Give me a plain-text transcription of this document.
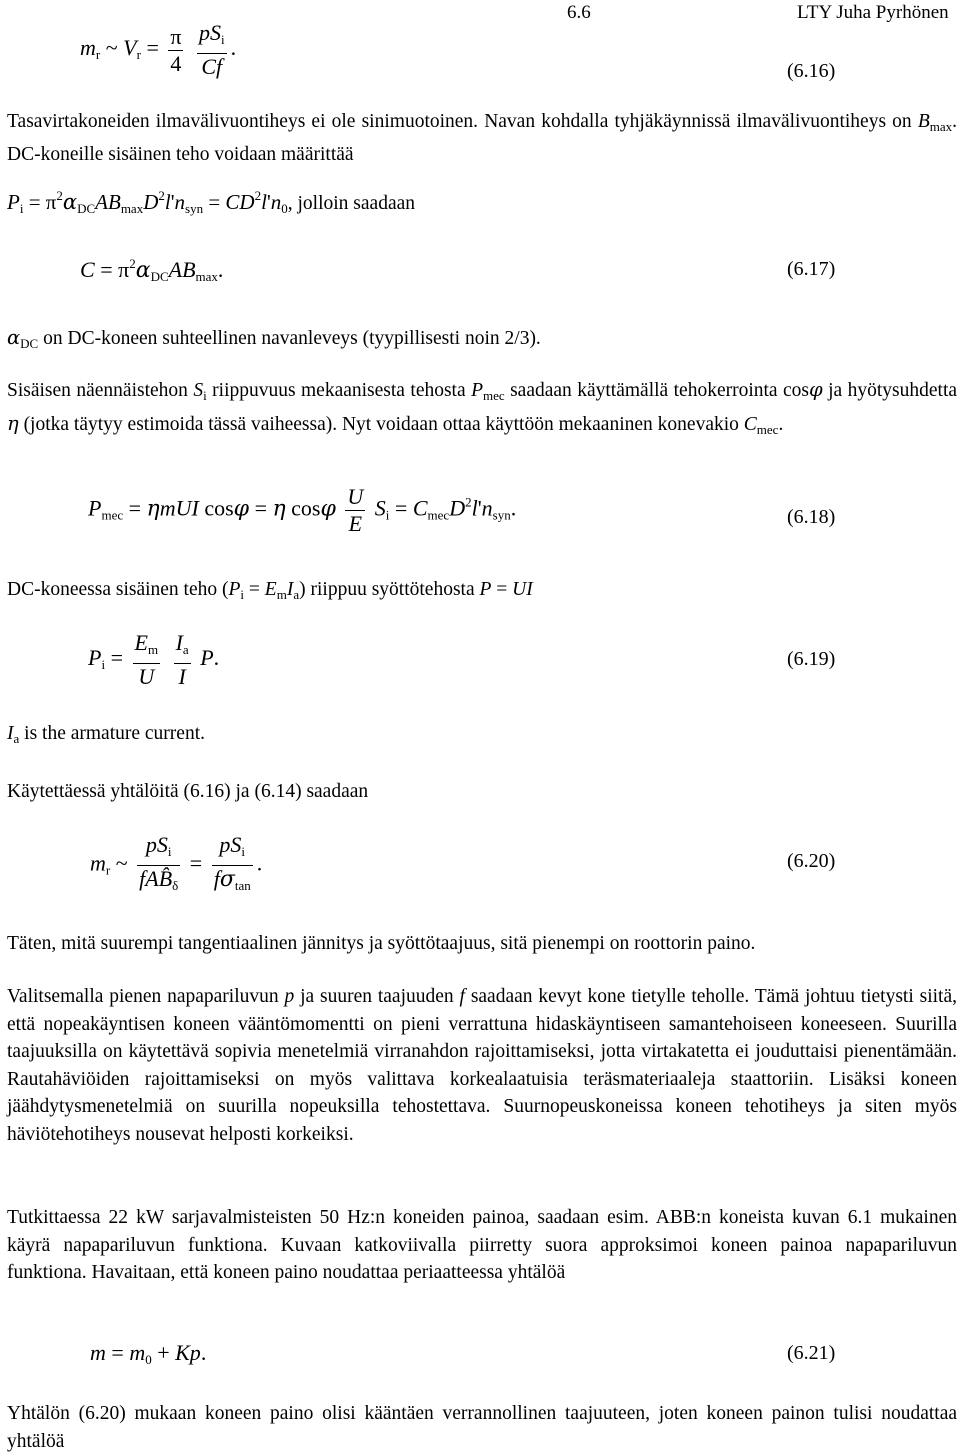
6.6	LTY Juha Pyrhönen
$m_r$ ~ $V_r = \frac{\pi}{4}$
$\frac{pS_i}{Cf}$ .
(6.16)

Tasavirtakoneiden ilmavälivuontiheys ei ole sinimuotoinen. Navan kohdalla tyhjäkäynnissä ilmavälivuontiheys on $B_{max}$. DC-koneille sisäinen teho voidaan määrittää

$P_i = \pi^2\alpha_{DC}AB_{max}D^2l'n_{syn} = CD^2l'n_0$, jolloin saadaan
$C = \pi^2\alpha_{DC}AB_{max}$.	(6.17)
$\alpha_{DC}$ on DC-koneen suhteellinen navanleveys (tyypillisesti noin 2/3).

Sisäisen näennäistehon $S_i$ riippuvuus mekaanisesta tehosta $P_{mec}$ saadaan käyttämällä tehokerrointa cosφ ja hyötysuhdetta η (jotka täytyy estimoida tässä vaiheessa). Nyt voidaan ottaa käyttöön mekaaninen konevakio $C_{mec}$.

$P_{mec} = \eta mUI$ cosφ = η cosφ $\frac{U}{E} S_i = C_{mec}D^2l'n_{syn}$.	(6.18)
DC-koneessa sisäinen teho $(P_i = E_mI_a)$ riippuu syöttötehosta P = UI
$P_i = \frac{E_m}{U}$
$\frac{I_a}{I} P$.	(6.19)
$I_a$ is the armature current.
Käytettäessä yhtälöitä (6.16) ja (6.14) saadaan
$m_r$ ~ $\frac{pS_i}{fAB̂_\delta} = \frac{pS_i}{f\sigma_{tan}}$ .	(6.20)
Täten, mitä suurempi tangentiaalinen jännitys ja syöttötaajuus, sitä pienempi on roottorin paino.

Valitsemalla pienen napapariluvun p ja suuren taajuuden f saadaan kevyt kone tietylle teholle. Tämä johtuu tietysti siitä, että nopeakäyntisen koneen vääntömomentti on pieni verrattuna hidaskäyntiseen samantehoiseen koneeseen. Suurilla taajuuksilla on käytettävä sopivia menetelmiä virranahdon rajoittamiseksi, jotta virtakatetta ei jouduttaisi pienentämään. Rautahäviöiden rajoittamiseksi on myös valittava korkealaatuisia teräsmateriaaleja staattoriin. Lisäksi koneen jäähdytysmenetelmiä on suurilla nopeuksilla tehostettava. Suurnopeuskoneissa koneen tehotiheys ja siten myös häviötehotiheys nousevat helposti korkeiksi.

Tutkittaessa 22 kW sarjavalmisteisten 50 Hz:n koneiden painoa, saadaan esim. ABB:n koneista kuvan 6.1 mukainen käyrä napapariluvun funktiona. Kuvaan katkoviivalla piirretty suora approksimoi koneen painoa napapariluvun funktiona. Havaitaan, että koneen paino noudattaa periaatteessa yhtälöä

$m = m_0 + Kp$.	(6.21)

Yhtälön (6.20) mukaan koneen paino olisi kääntäen verrannollinen taajuuteen, joten koneen painon tulisi noudattaa yhtälöä
